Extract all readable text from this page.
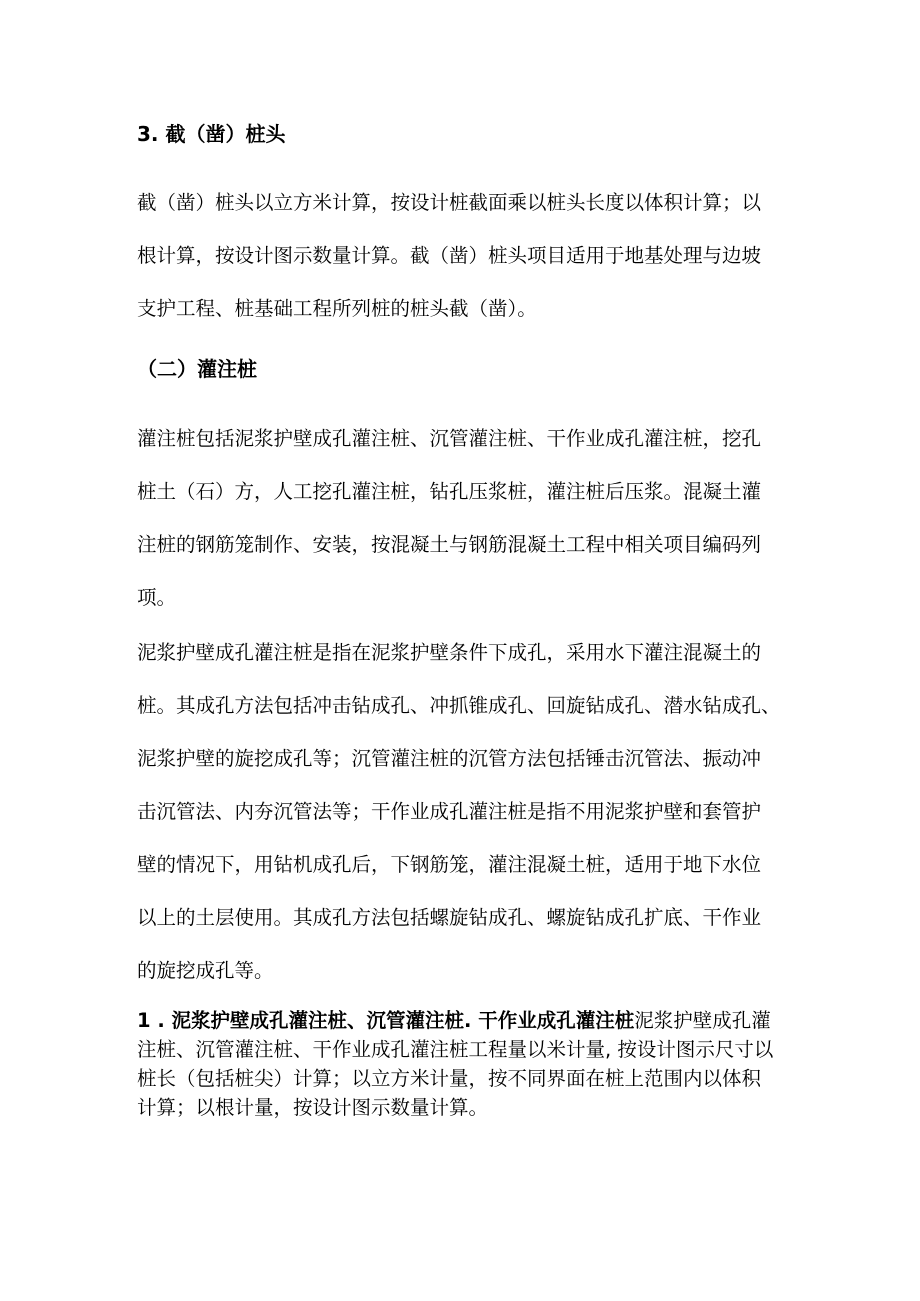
3. 截（凿）桩头
截（凿）桩头以立方米计算，按设计桩截面乘以桩头长度以体积计算；以
根计算，按设计图示数量计算。截（凿）桩头项目适用于地基处理与边坡
支护工程、桩基础工程所列桩的桩头截（凿）。
（二）灌注桩
灌注桩包括泥浆护壁成孔灌注桩、沉管灌注桩、干作业成孔灌注桩，挖孔
桩土（石）方，人工挖孔灌注桩，钻孔压浆桩，灌注桩后压浆。混凝土灌
注桩的钢筋笼制作、安装，按混凝土与钢筋混凝土工程中相关项目编码列
项。
泥浆护壁成孔灌注桩是指在泥浆护壁条件下成孔，采用水下灌注混凝土的
桩。其成孔方法包括冲击钻成孔、冲抓锥成孔、回旋钻成孔、潜水钻成孔、
泥浆护壁的旋挖成孔等；沉管灌注桩的沉管方法包括锤击沉管法、振动冲
击沉管法、内夯沉管法等；干作业成孔灌注桩是指不用泥浆护壁和套管护
壁的情况下，用钻机成孔后，下钢筋笼，灌注混凝土桩，适用于地下水位
以上的土层使用。其成孔方法包括螺旋钻成孔、螺旋钻成孔扩底、干作业
的旋挖成孔等。
1 . 泥浆护壁成孔灌注桩、沉管灌注桩. 干作业成孔灌注桩泥浆护壁成孔灌
注桩、沉管灌注桩、干作业成孔灌注桩工程量以米计量, 按设计图示尺寸以
桩长（包括桩尖）计算；以立方米计量，按不同界面在桩上范围内以体积
计算；以根计量，按设计图示数量计算。
